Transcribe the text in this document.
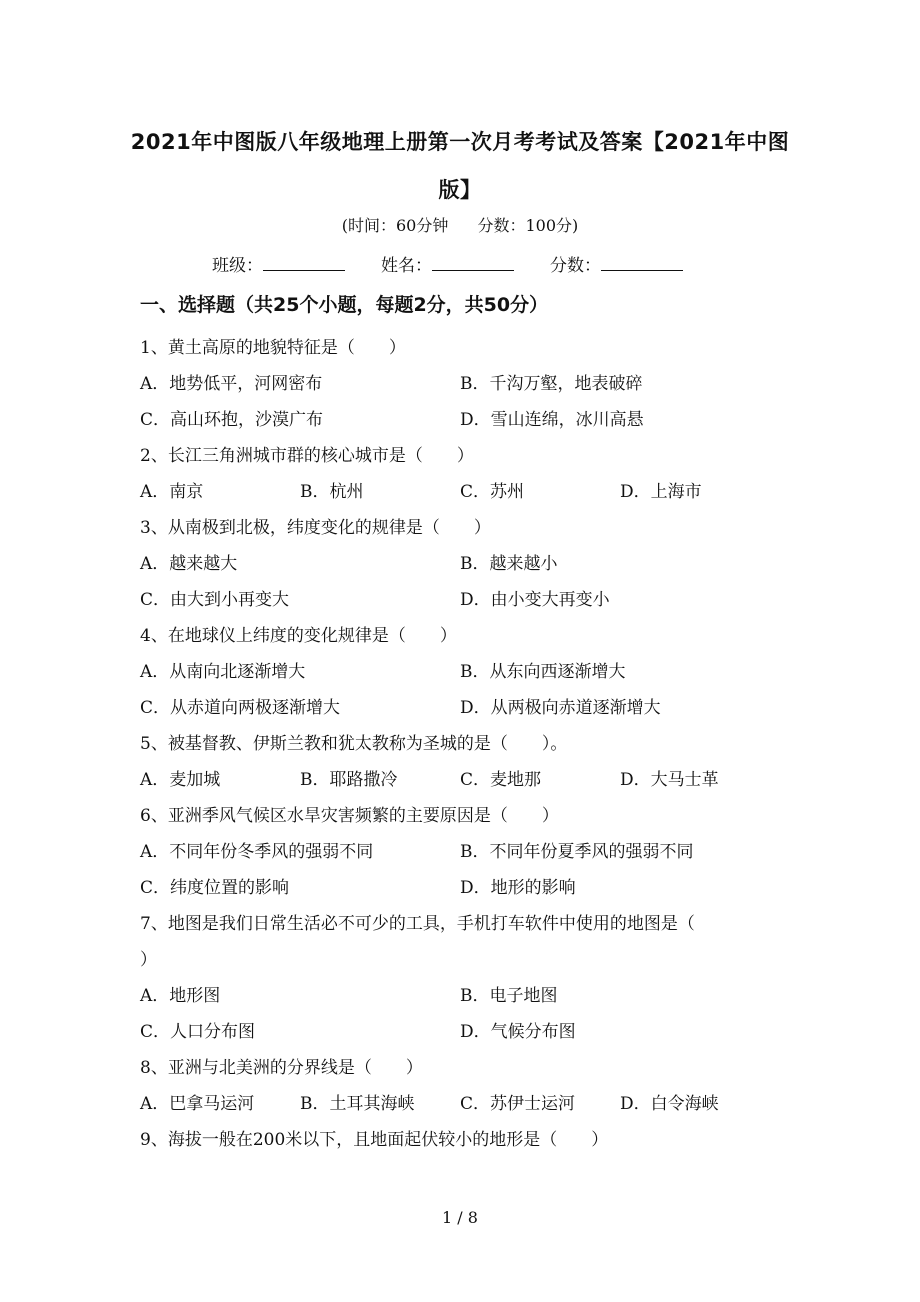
2021年中图版八年级地理上册第一次月考考试及答案【2021年中图版】
(时间：60分钟 分数：100分)
班级：	姓名：	分数：
一、选择题（共25个小题，每题2分，共50分）
1、黄土高原的地貌特征是（　　）
A．地势低平，河网密布	B．千沟万壑，地表破碎
C．高山环抱，沙漠广布	D．雪山连绵，冰川高悬
2、长江三角洲城市群的核心城市是（　　）
A．南京	B．杭州	C．苏州	D．上海市
3、从南极到北极，纬度变化的规律是（　　）
A．越来越大	B．越来越小
C．由大到小再变大	D．由小变大再变小
4、在地球仪上纬度的变化规律是（　　）
A．从南向北逐渐增大	B．从东向西逐渐增大
C．从赤道向两极逐渐增大	D．从两极向赤道逐渐增大
5、被基督教、伊斯兰教和犹太教称为圣城的是（　　）。
A．麦加城	B．耶路撒冷	C．麦地那	D．大马士革
6、亚洲季风气候区水旱灾害频繁的主要原因是（　　）
A．不同年份冬季风的强弱不同	B．不同年份夏季风的强弱不同
C．纬度位置的影响	D．地形的影响
7、地图是我们日常生活必不可少的工具，手机打车软件中使用的地图是（
）
A．地形图	B．电子地图
C．人口分布图	D．气候分布图
8、亚洲与北美洲的分界线是（　　）
A．巴拿马运河	B．土耳其海峡	C．苏伊士运河	D．白令海峡
9、海拔一般在200米以下，且地面起伏较小的地形是（　　）
1 / 8
